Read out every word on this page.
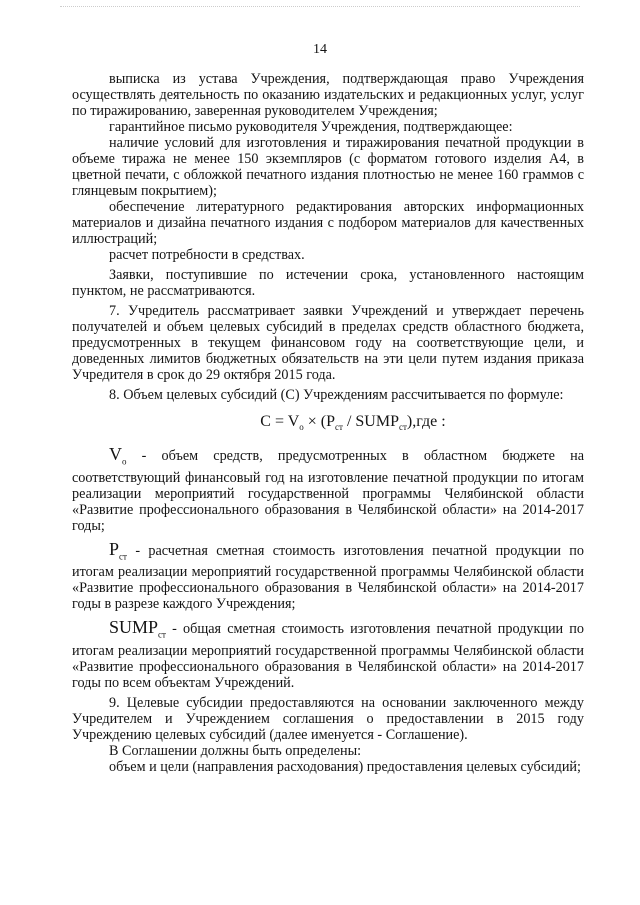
14

выписка из устава Учреждения, подтверждающая право Учреждения осуществлять деятельность по оказанию издательских и редакционных услуг, услуг по тиражированию, заверенная руководителем Учреждения;

гарантийное письмо руководителя Учреждения, подтверждающее:

наличие условий для изготовления и тиражирования печатной продукции в объеме тиража не менее 150 экземпляров (с форматом готового изделия А4, в цветной печати, с обложкой печатного издания плотностью не менее 160 граммов с глянцевым покрытием);

обеспечение литературного редактирования авторских информационных материалов и дизайна печатного издания с подбором материалов для качественных иллюстраций;

расчет потребности в средствах.

Заявки, поступившие по истечении срока, установленного настоящим пунктом, не рассматриваются.

7. Учредитель рассматривает заявки Учреждений и утверждает перечень получателей и объем целевых субсидий в пределах средств областного бюджета, предусмотренных в текущем финансовом году на соответствующие цели, и доведенных лимитов бюджетных обязательств на эти цели путем издания приказа Учредителя в срок до 29 октября 2015 года.

8. Объем целевых субсидий (С) Учреждениям рассчитывается по формуле:

$C = V_о \times (P_{ст}$ / $SUMP_{ст}),где$ :

$V_о$ - объем средств, предусмотренных в областном бюджете на соответствующий финансовый год на изготовление печатной продукции по итогам реализации мероприятий государственной программы Челябинской области «Развитие профессионального образования в Челябинской области» на 2014-2017 годы;

$P_{ст}$ - расчетная сметная стоимость изготовления печатной продукции по итогам реализации мероприятий государственной программы Челябинской области «Развитие профессионального образования в Челябинской области» на 2014-2017 годы в разрезе каждого Учреждения;

$SUMP_{ст}$ - общая сметная стоимость изготовления печатной продукции по итогам реализации мероприятий государственной программы Челябинской области «Развитие профессионального образования в Челябинской области» на 2014-2017 годы по всем объектам Учреждений.

9. Целевые субсидии предоставляются на основании заключенного между Учредителем и Учреждением соглашения о предоставлении в 2015 году Учреждению целевых субсидий (далее именуется - Соглашение).

В Соглашении должны быть определены:

объем и цели (направления расходования) предоставления целевых субсидий;
